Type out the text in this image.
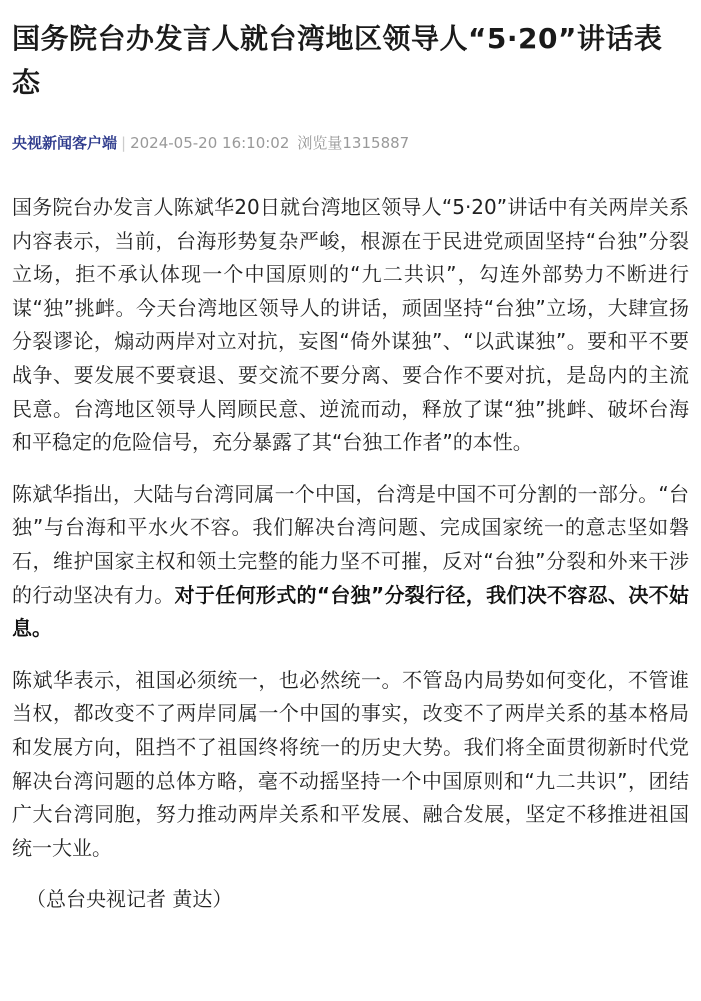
国务院台办发言人就台湾地区领导人“5·20”讲话表态
央视新闻客户端 | 2024-05-20 16:10:02 浏览量1315887

国务院台办发言人陈斌华20日就台湾地区领导人“5·20”讲话中有关两岸关系内容表示，当前，台海形势复杂严峻，根源在于民进党顽固坚持“台独”分裂立场，拒不承认体现一个中国原则的“九二共识”，勾连外部势力不断进行谋“独”挑衅。今天台湾地区领导人的讲话，顽固坚持“台独”立场，大肆宣扬分裂谬论，煽动两岸对立对抗，妄图“倚外谋独”、“以武谋独”。要和平不要战争、要发展不要衰退、要交流不要分离、要合作不要对抗，是岛内的主流民意。台湾地区领导人罔顾民意、逆流而动，释放了谋“独”挑衅、破坏台海和平稳定的危险信号，充分暴露了其“台独工作者”的本性。

陈斌华指出，大陆与台湾同属一个中国，台湾是中国不可分割的一部分。“台独”与台海和平水火不容。我们解决台湾问题、完成国家统一的意志坚如磐石，维护国家主权和领土完整的能力坚不可摧，反对“台独”分裂和外来干涉的行动坚决有力。对于任何形式的“台独”分裂行径，我们决不容忍、决不姑息。

陈斌华表示，祖国必须统一，也必然统一。不管岛内局势如何变化，不管谁当权，都改变不了两岸同属一个中国的事实，改变不了两岸关系的基本格局和发展方向，阻挡不了祖国终将统一的历史大势。我们将全面贯彻新时代党解决台湾问题的总体方略，毫不动摇坚持一个中国原则和“九二共识”，团结广大台湾同胞，努力推动两岸关系和平发展、融合发展，坚定不移推进祖国统一大业。

（总台央视记者 黄达）
